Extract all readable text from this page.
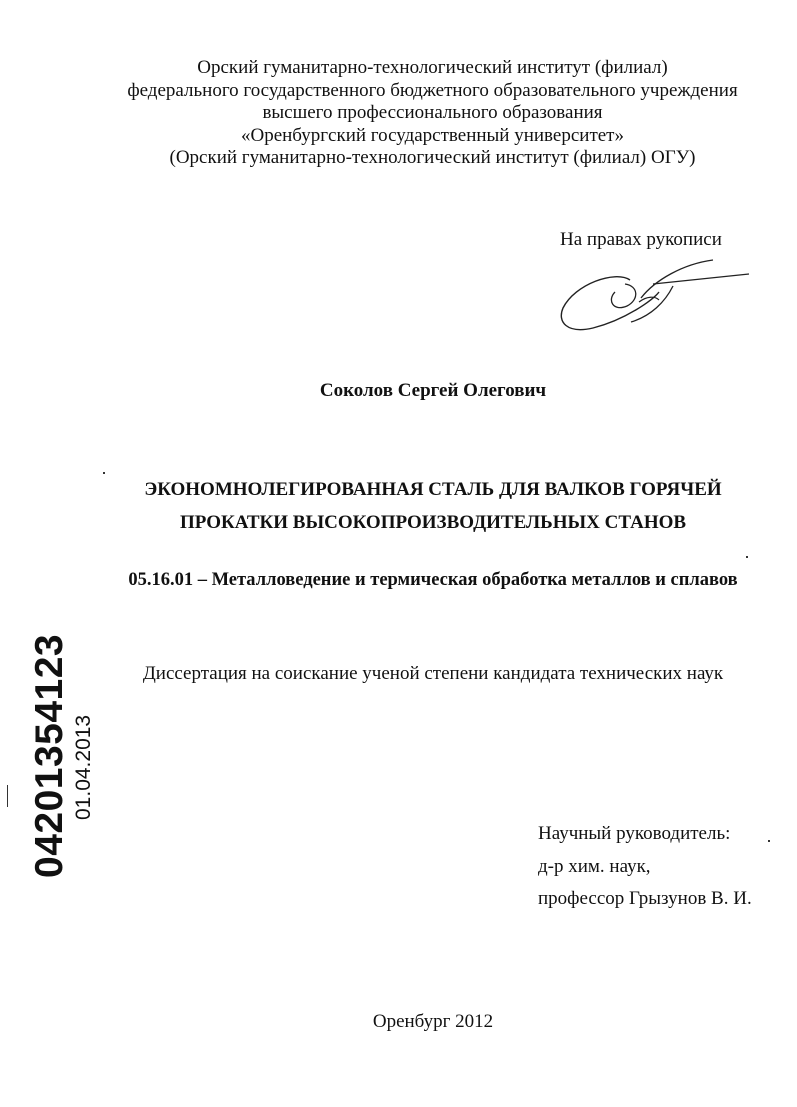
Орский гуманитарно-технологический институт (филиал)
федерального государственного бюджетного образовательного учреждения
высшего профессионального образования
«Оренбургский государственный университет»
(Орский гуманитарно-технологический институт (филиал) ОГУ)
На правах рукописи
Соколов Сергей Олегович
ЭКОНОМНОЛЕГИРОВАННАЯ СТАЛЬ ДЛЯ ВАЛКОВ ГОРЯЧЕЙ
ПРОКАТКИ ВЫСОКОПРОИЗВОДИТЕЛЬНЫХ СТАНОВ
05.16.01 – Металловедение и термическая обработка металлов и сплавов
Диссертация на соискание ученой степени кандидата технических наук
Научный руководитель:
д-р хим. наук,
профессор Грызунов В. И.
Оренбург 2012
04201354123 01.04.2013
